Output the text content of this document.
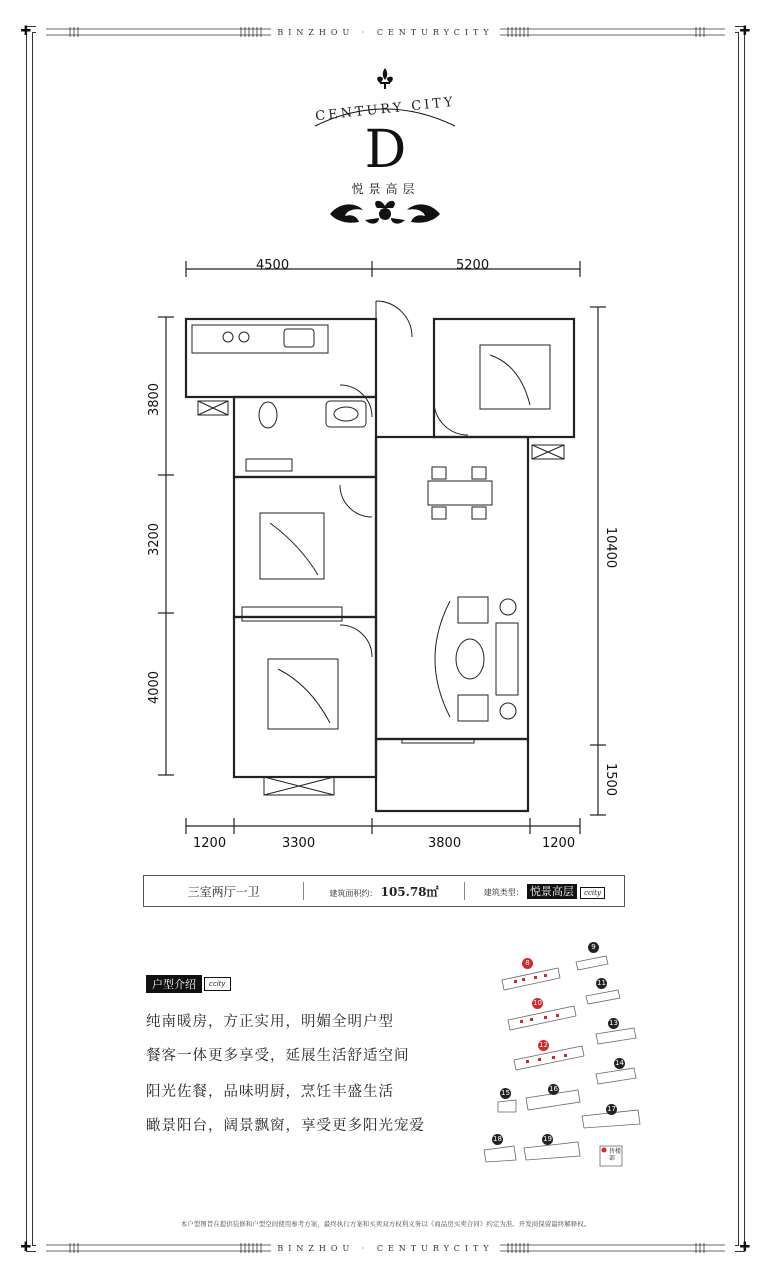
BINZHOU · CENTURYCITY
BINZHOU · CENTURYCITY
✚	✚
✚	✚
CENTURY CITY
D
悦景高层
4500	5200
3800
3200
4000
10400
1500
1200	3300	3800	1200
三室两厅一卫	建筑面积约： 105.78㎡	建筑类型： 悦景高层 ccity
户型介绍	ccity
纯南暖房，方正实用，明媚全明户型
餐客一体更多享受，延展生活舒适空间
阳光佐餐，品味明厨，烹饪丰盛生活
瞰景阳台，阔景飘窗，享受更多阳光宠爱
8
9
10
11
12
13
14
15	16
17
18	19
售楼部
本户型图旨在提供装修和户型空间使用参考方案，最终执行方案和买卖双方权利义务以《商品房买卖合同》约定为准。开发商保留最终解释权。
